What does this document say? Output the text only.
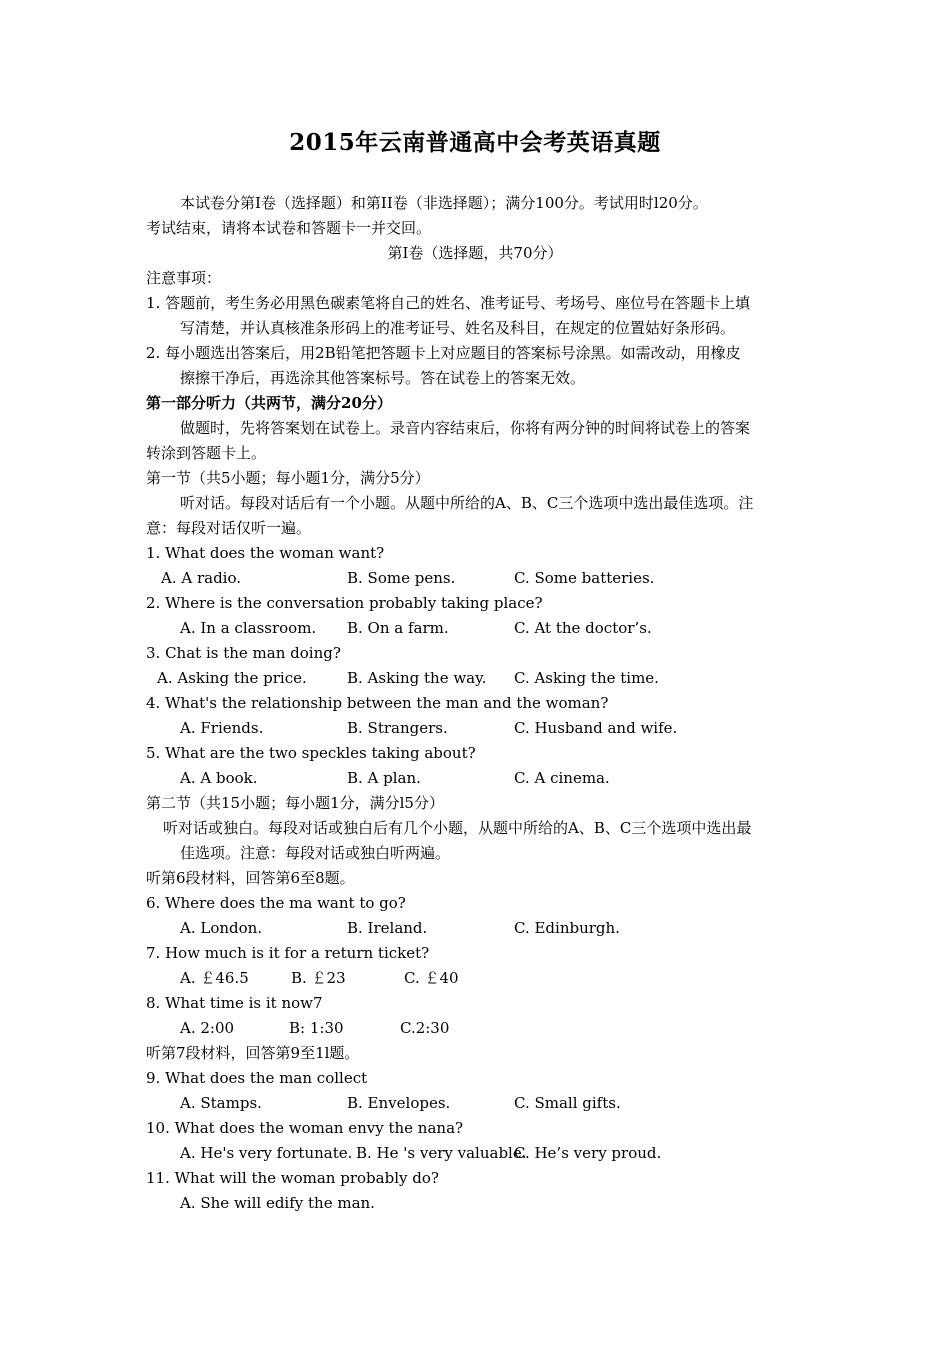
2015年云南普通高中会考英语真题
本试卷分第I卷（选择题）和第II卷（非选择题）；满分100分。考试用时l20分。
考试结束，请将本试卷和答题卡一并交回。
第I卷（选择题，共70分）
注意事项：
1. 答题前，考生务必用黑色碳素笔将自己的姓名、准考证号、考场号、座位号在答题卡上填
写清楚，并认真核准条形码上的准考证号、姓名及科目，在规定的位置姑好条形码。
2. 每小题选出答案后，用2B铅笔把答题卡上对应题目的答案标号涂黑。如需改动，用橡皮
擦擦干净后，再选涂其他答案标号。答在试卷上的答案无效。
第一部分听力（共两节，满分20分）
做题时，先将答案划在试卷上。录音内容结束后，你将有两分钟的时间将试卷上的答案
转涂到答题卡上。
第一节（共5小题；每小题1分，满分5分）
听对话。每段对话后有一个小题。从题中所给的A、B、C三个选项中选出最佳选项。注
意：每段对话仅听一遍。
1. What does the woman want?
A. A radio.	B. Some pens.	C. Some batteries.
2. Where is the conversation probably taking place?
A. In a classroom. B. On a farm.	C. At the doctor’s.
3. Chat is the man doing?
A. Asking the price.	B. Asking the way. C. Asking the time.
4. What's the relationship between the man and the woman?
A. Friends.	B. Strangers.	C. Husband and wife.
5. What are the two speckles taking about?
A. A book.	B. A plan.	C. A cinema.
第二节（共15小题；每小题1分，满分l5分）
听对话或独白。每段对话或独白后有几个小题，从题中所给的A、B、C三个选项中选出最
佳选项。注意：每段对话或独白听两遍。
听第6段材料，回答第6至8题。
6. Where does the ma want to go?
A. London.	B. Ireland.	C. Edinburgh.
7. How much is it for a return ticket?
A. ￡46.5	B. ￡23	C. ￡40
8. What time is it now7
A. 2:00	B: 1:30	C.2:30
听第7段材料，回答第9至1l题。
9. What does the man collect
A. Stamps.	B. Envelopes.	C. Small gifts.
10. What does the woman envy the nana?
A. He's very fortunate. B. He 's very valuable.
C. He’s very proud.
11. What will the woman probably do?
A. She will edify the man.
